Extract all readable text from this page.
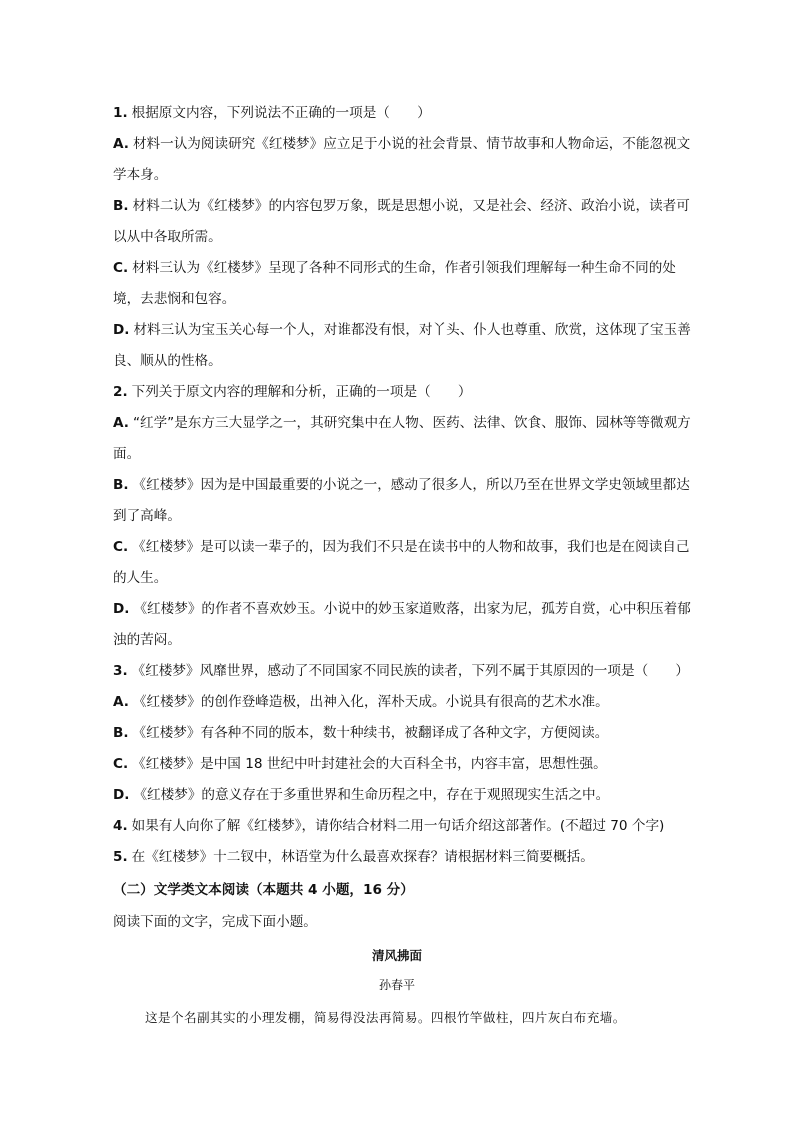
1. 根据原文内容，下列说法不正确的一项是（　　）

A. 材料一认为阅读研究《红楼梦》应立足于小说的社会背景、情节故事和人物命运，不能忽视文学本身。

B. 材料二认为《红楼梦》的内容包罗万象，既是思想小说，又是社会、经济、政治小说，读者可以从中各取所需。

C. 材料三认为《红楼梦》呈现了各种不同形式的生命，作者引领我们理解每一种生命不同的处境，去悲悯和包容。

D. 材料三认为宝玉关心每一个人，对谁都没有恨，对丫头、仆人也尊重、欣赏，这体现了宝玉善良、顺从的性格。

2. 下列关于原文内容的理解和分析，正确的一项是（　　）

A. “红学”是东方三大显学之一，其研究集中在人物、医药、法律、饮食、服饰、园林等等微观方面。

B. 《红楼梦》因为是中国最重要的小说之一，感动了很多人，所以乃至在世界文学史领域里都达到了高峰。

C. 《红楼梦》是可以读一辈子的，因为我们不只是在读书中的人物和故事，我们也是在阅读自己的人生。

D. 《红楼梦》的作者不喜欢妙玉。小说中的妙玉家道败落，出家为尼，孤芳自赏，心中积压着郁浊的苦闷。

3. 《红楼梦》风靡世界，感动了不同国家不同民族的读者，下列不属于其原因的一项是（　　）

A. 《红楼梦》的创作登峰造极，出神入化，浑朴天成。小说具有很高的艺术水准。

B. 《红楼梦》有各种不同的版本，数十种续书，被翻译成了各种文字，方便阅读。

C. 《红楼梦》是中国 18 世纪中叶封建社会的大百科全书，内容丰富，思想性强。

D. 《红楼梦》的意义存在于多重世界和生命历程之中，存在于观照现实生活之中。

4. 如果有人向你了解《红楼梦》，请你结合材料二用一句话介绍这部著作。(不超过 70 个字)

5. 在《红楼梦》十二钗中，林语堂为什么最喜欢探春？请根据材料三简要概括。

（二）文学类文本阅读（本题共 4 小题，16 分）

阅读下面的文字，完成下面小题。

清风拂面

孙春平

这是个名副其实的小理发棚，简易得没法再简易。四根竹竿做柱，四片灰白布充墙。
